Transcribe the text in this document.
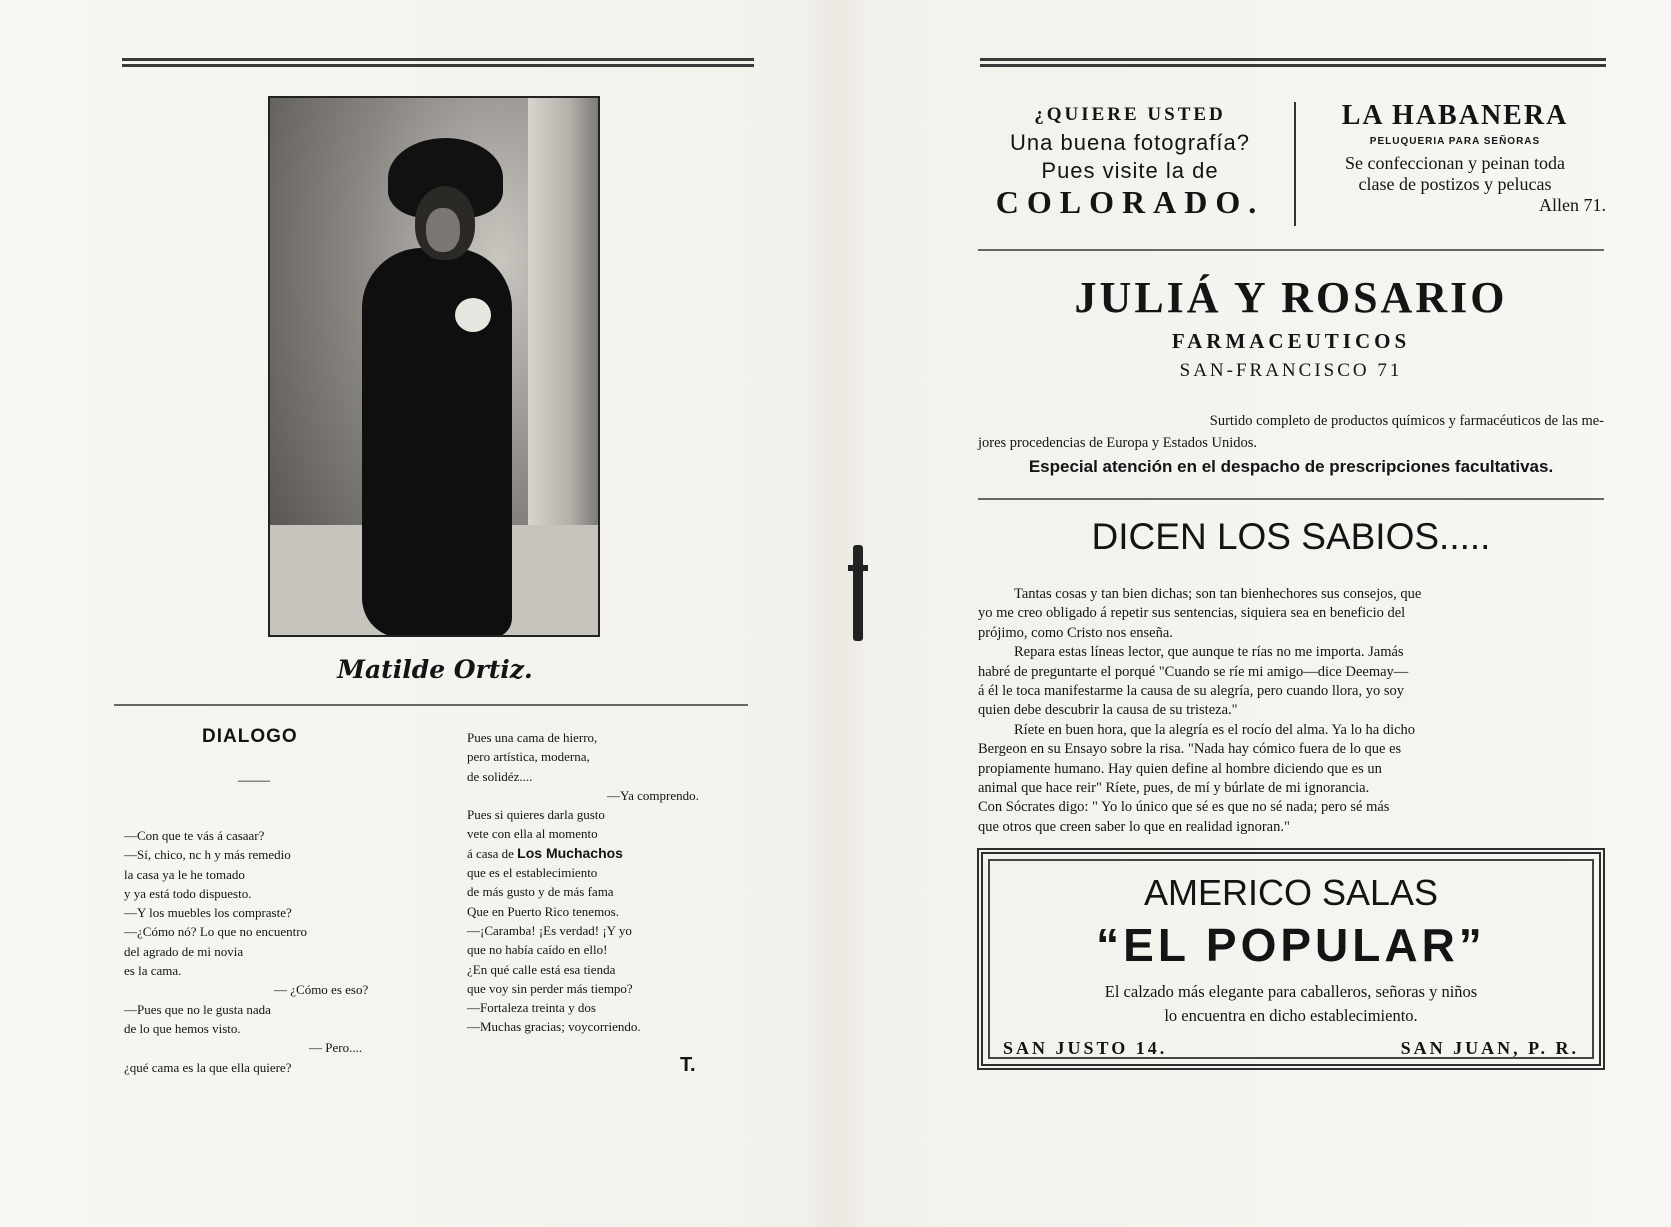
Matilde Ortiz.
DIALOGO
——
—Con que te vás á casaar?
—Sí, chico, nc h y más remedio
la casa ya le he tomado
y ya está todo dispuesto.
—Y los muebles los compraste?
—¿Cómo nó? Lo que no encuentro
del agrado de mi novia
es la cama.
— ¿Cómo es eso?
—Pues que no le gusta nada
de lo que hemos visto.
— Pero....
¿qué cama es la que ella quiere?
Pues una cama de hierro,
pero artística, moderna,
de solidéz....
—Ya comprendo.
Pues si quieres darla gusto
vete con ella al momento
á casa de Los Muchachos
que es el establecimiento
de más gusto y de más fama
Que en Puerto Rico tenemos.
—¡Caramba! ¡Es verdad! ¡Y yo
que no había caído en ello!
¿En qué calle está esa tienda
que voy sin perder más tiempo?
—Fortaleza treinta y dos
—Muchas gracias; voycorriendo.
T.
¿QUIERE USTED
Una buena fotografía?
Pues visite la de
COLORADO.
LA HABANERA
PELUQUERIA PARA SEÑORAS
Se confeccionan y peinan toda
clase de postizos y pelucas
Allen 71.
JULIÁ Y ROSARIO
FARMACEUTICOS
SAN-FRANCISCO 71
Surtido completo de productos químicos y farmacéuticos de las me-
jores procedencias de Europa y Estados Unidos.
Especial atención en el despacho de prescripciones facultativas.
DICEN LOS SABIOS.....
Tantas cosas y tan bien dichas; son tan bienhechores sus consejos, que
yo me creo obligado á repetir sus sentencias, siquiera sea en beneficio del
prójimo, como Cristo nos enseña.
Repara estas líneas lector, que aunque te rías no me importa. Jamás
habré de preguntarte el porqué "Cuando se ríe mi amigo—dice Deemay—
á él le toca manifestarme la causa de su alegría, pero cuando llora, yo soy
quien debe descubrir la causa de su tristeza."
Ríete en buen hora, que la alegría es el rocío del alma. Ya lo ha dicho
Bergeon en su Ensayo sobre la risa. "Nada hay cómico fuera de lo que es
propiamente humano. Hay quien define al hombre diciendo que es un
animal que hace reir" Ríete, pues, de mí y búrlate de mi ignorancia.
Con Sócrates digo: " Yo lo único que sé es que no sé nada; pero sé más
que otros que creen saber lo que en realidad ignoran."
AMERICO SALAS
“EL POPULAR”
El calzado más elegante para caballeros, señoras y niños
lo encuentra en dicho establecimiento.
SAN JUSTO 14.	SAN JUAN, P. R.
